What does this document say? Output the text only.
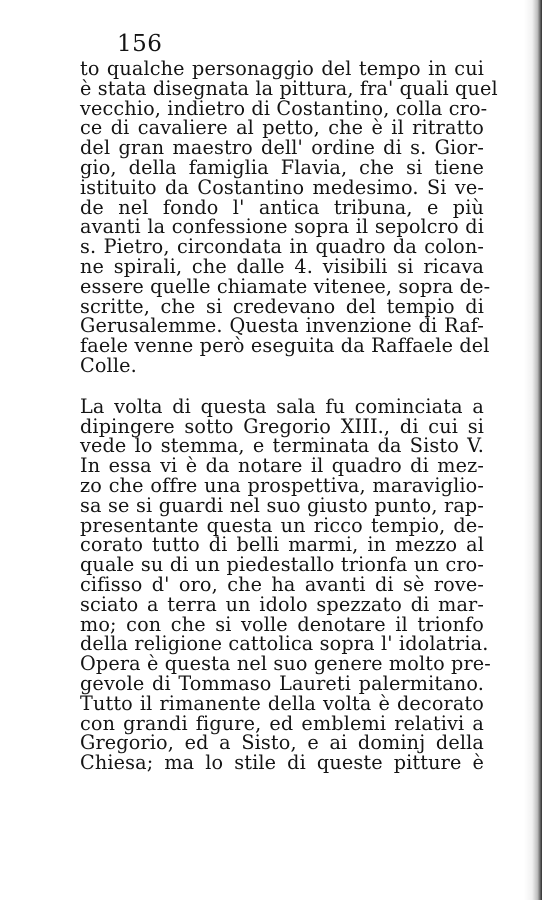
156
to qualche personaggio del tempo in cui
è stata disegnata la pittura, fra' quali quel
vecchio, indietro di Costantino, colla cro-
ce di cavaliere al petto, che è il ritratto
del gran maestro dell' ordine di s. Gior-
gio, della famiglia Flavia, che si tiene
istituito da Costantino medesimo. Si ve-
de nel fondo l' antica tribuna, e più
avanti la confessione sopra il sepolcro di
s. Pietro, circondata in quadro da colon-
ne spirali, che dalle 4. visibili si ricava
essere quelle chiamate vitenee, sopra de-
scritte, che si credevano del tempio di
Gerusalemme. Questa invenzione di Raf-
faele venne però eseguita da Raffaele del
Colle.
La volta di questa sala fu cominciata a
dipingere sotto Gregorio XIII., di cui si
vede lo stemma, e terminata da Sisto V.
In essa vi è da notare il quadro di mez-
zo che offre una prospettiva, maraviglio-
sa se si guardi nel suo giusto punto, rap-
presentante questa un ricco tempio, de-
corato tutto di belli marmi, in mezzo al
quale su di un piedestallo trionfa un cro-
cifisso d' oro, che ha avanti di sè rove-
sciato a terra un idolo spezzato di mar-
mo; con che si volle denotare il trionfo
della religione cattolica sopra l' idolatria.
Opera è questa nel suo genere molto pre-
gevole di Tommaso Laureti palermitano.
Tutto il rimanente della volta è decorato
con grandi figure, ed emblemi relativi a
Gregorio, ed a Sisto, e ai dominj della
Chiesa; ma lo stile di queste pitture è
